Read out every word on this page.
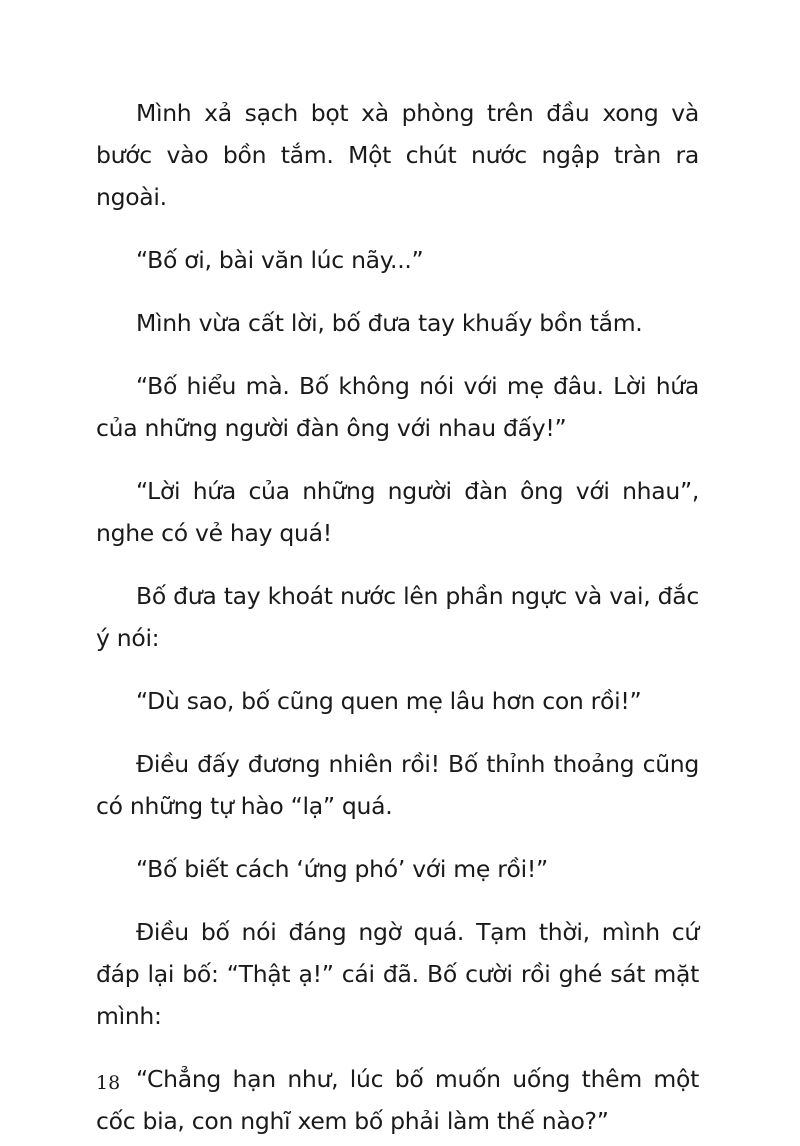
Mình xả sạch bọt xà phòng trên đầu xong và bước vào bồn tắm. Một chút nước ngập tràn ra ngoài.

“Bố ơi, bài văn lúc nãy...”

Mình vừa cất lời, bố đưa tay khuấy bồn tắm.

“Bố hiểu mà. Bố không nói với mẹ đâu. Lời hứa của những người đàn ông với nhau đấy!”

“Lời hứa của những người đàn ông với nhau”, nghe có vẻ hay quá!

Bố đưa tay khoát nước lên phần ngực và vai, đắc ý nói:

“Dù sao, bố cũng quen mẹ lâu hơn con rồi!”

Điều đấy đương nhiên rồi! Bố thỉnh thoảng cũng có những tự hào “lạ” quá.

“Bố biết cách ‘ứng phó’ với mẹ rồi!”

Điều bố nói đáng ngờ quá. Tạm thời, mình cứ đáp lại bố: “Thật ạ!” cái đã. Bố cười rồi ghé sát mặt mình:

“Chẳng hạn như, lúc bố muốn uống thêm một cốc bia, con nghĩ xem bố phải làm thế nào?”

18
